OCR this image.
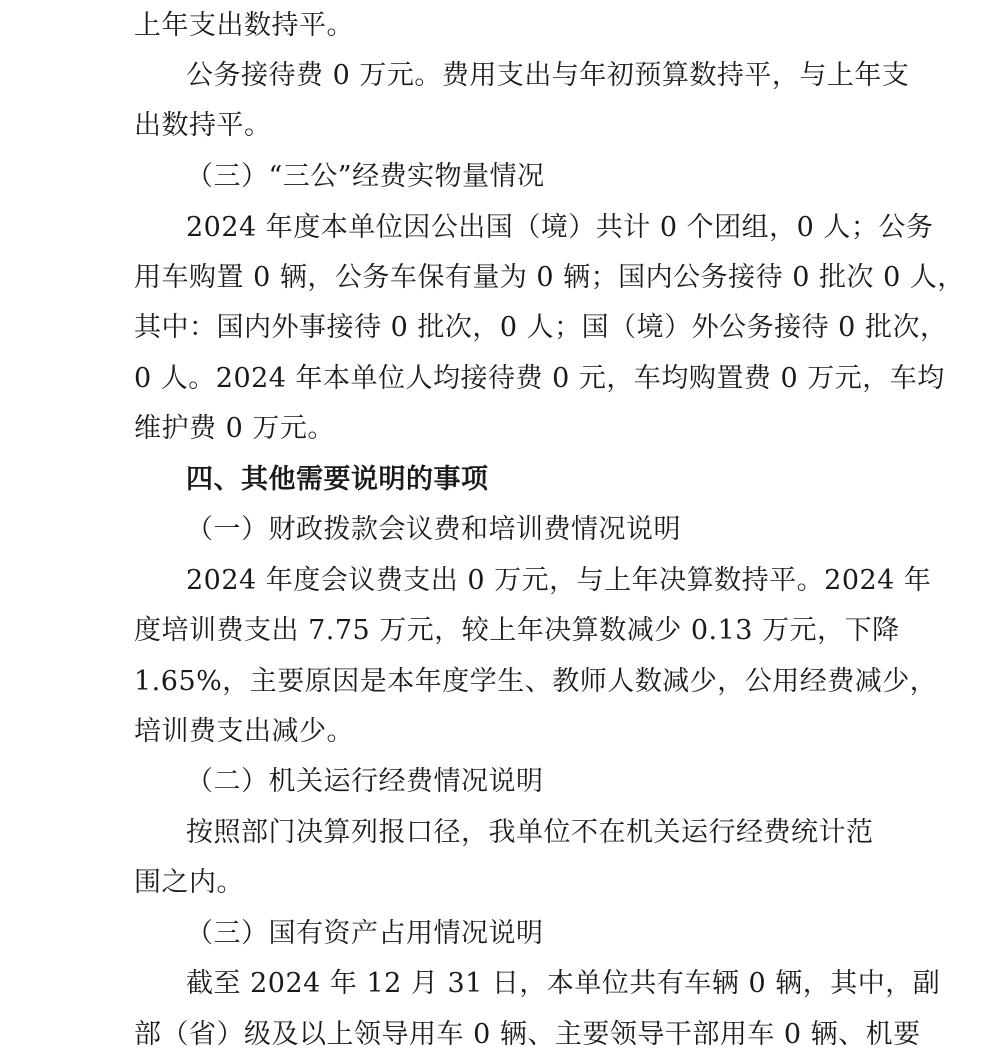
上年支出数持平。
公务接待费 0 万元。费用支出与年初预算数持平，与上年支
出数持平。
（三）“三公”经费实物量情况
2024 年度本单位因公出国（境）共计 0 个团组，0 人；公务
用车购置 0 辆，公务车保有量为 0 辆；国内公务接待 0 批次 0 人，
其中：国内外事接待 0 批次，0 人；国（境）外公务接待 0 批次，
0 人。2024 年本单位人均接待费 0 元，车均购置费 0 万元，车均
维护费 0 万元。
四、其他需要说明的事项
（一）财政拨款会议费和培训费情况说明
2024 年度会议费支出 0 万元，与上年决算数持平。2024 年
度培训费支出 7.75 万元，较上年决算数减少 0.13 万元，下降
1.65%，主要原因是本年度学生、教师人数减少，公用经费减少，
培训费支出减少。
（二）机关运行经费情况说明
按照部门决算列报口径，我单位不在机关运行经费统计范
围之内。
（三）国有资产占用情况说明
截至 2024 年 12 月 31 日，本单位共有车辆 0 辆，其中，副
部（省）级及以上领导用车 0 辆、主要领导干部用车 0 辆、机要
